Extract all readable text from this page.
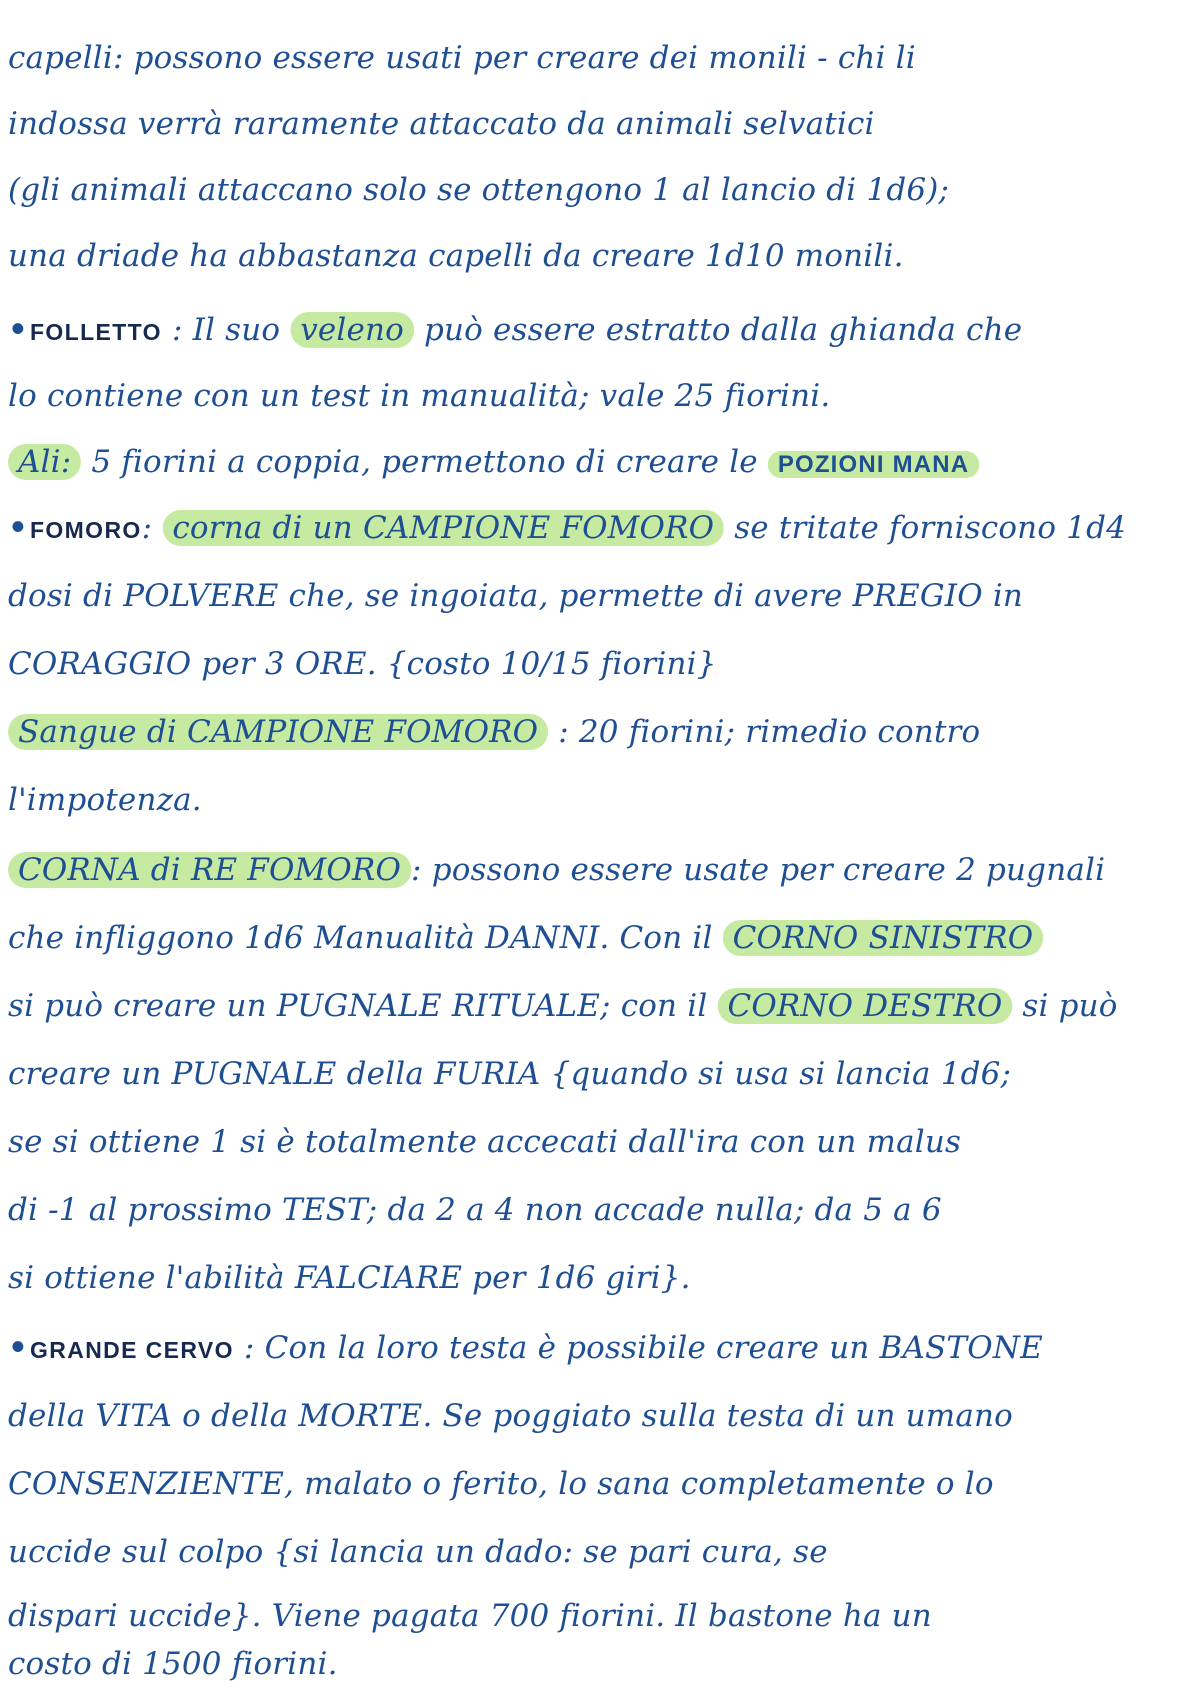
capelli: possono essere usati per creare dei monili - chi li
indossa verrà raramente attaccato da animali selvatici
(gli animali attaccano solo se ottengono 1 al lancio di 1d6);
una driade ha abbastanza capelli da creare 1d10 monili.
•FOLLETTO : Il suo veleno può essere estratto dalla ghianda che
lo contiene con un test in manualità; vale 25 fiorini.
Ali: 5 fiorini a coppia, permettono di creare le POZIONI MANA
•FOMORO: corna di un CAMPIONE FOMORO se tritate forniscono 1d4
dosi di POLVERE che, se ingoiata, permette di avere PREGIO in
CORAGGIO per 3 ORE. {costo 10/15 fiorini}
Sangue di CAMPIONE FOMORO : 20 fiorini; rimedio contro
l'impotenza.
CORNA di RE FOMORO : possono essere usate per creare 2 pugnali
che infliggono 1d6 Manualità DANNI. Con il CORNO SINISTRO
si può creare un PUGNALE RITUALE; con il CORNO DESTRO si può
creare un PUGNALE della FURIA {quando si usa si lancia 1d6;
se si ottiene 1 si è totalmente accecati dall'ira con un malus
di -1 al prossimo TEST; da 2 a 4 non accade nulla; da 5 a 6
si ottiene l'abilità FALCIARE per 1d6 giri}.
•GRANDE CERVO : Con la loro testa è possibile creare un BASTONE
della VITA o della MORTE. Se poggiato sulla testa di un umano
CONSENZIENTE, malato o ferito, lo sana completamente o lo
uccide sul colpo {si lancia un dado: se pari cura, se
dispari uccide}. Viene pagata 700 fiorini. Il bastone ha un
costo di 1500 fiorini.
